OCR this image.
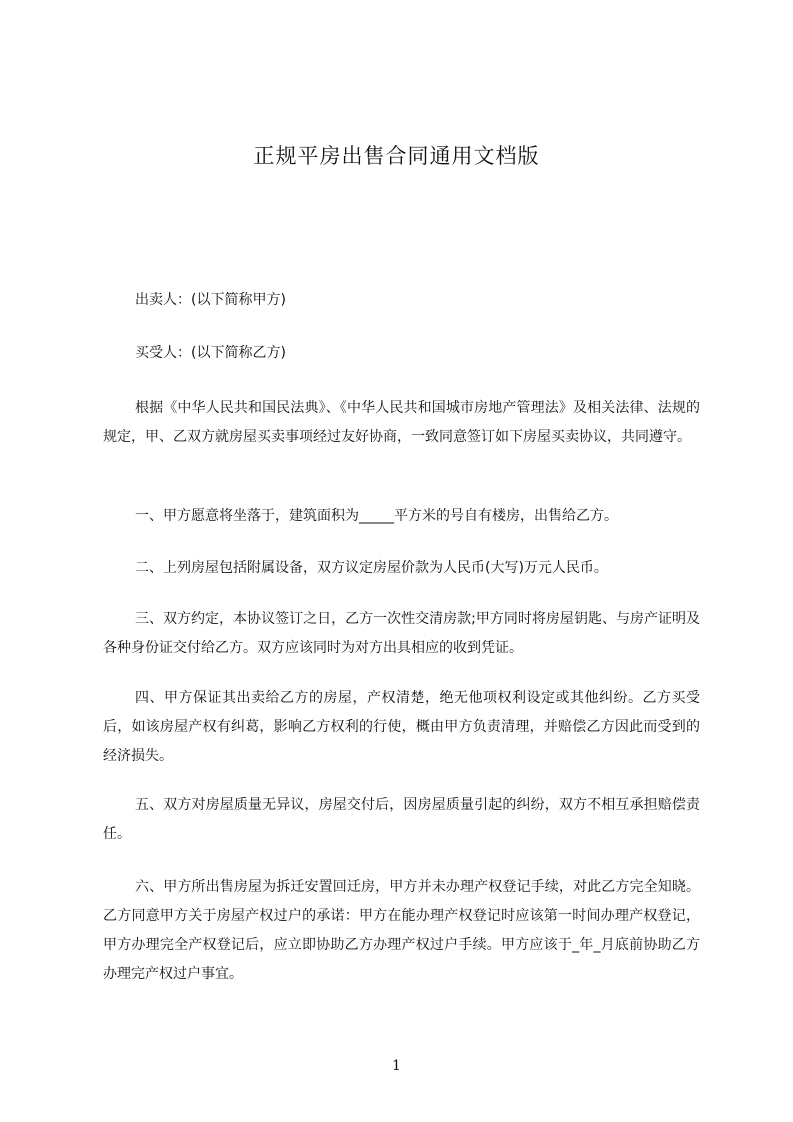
正规平房出售合同通用文档版

出卖人：(以下简称甲方)

买受人：(以下简称乙方)

根据《中华人民共和国民法典》、《中华人民共和国城市房地产管理法》及相关法律、法规的规定，甲、乙双方就房屋买卖事项经过友好协商，一致同意签订如下房屋买卖协议，共同遵守。

一、甲方愿意将坐落于，建筑面积为_____平方米的号自有楼房，出售给乙方。

二、上列房屋包括附属设备，双方议定房屋价款为人民币(大写)万元人民币。

三、双方约定，本协议签订之日，乙方一次性交清房款;甲方同时将房屋钥匙、与房产证明及各种身份证交付给乙方。双方应该同时为对方出具相应的收到凭证。

四、甲方保证其出卖给乙方的房屋，产权清楚，绝无他项权利设定或其他纠纷。乙方买受后，如该房屋产权有纠葛，影响乙方权利的行使，概由甲方负责清理，并赔偿乙方因此而受到的经济损失。

五、双方对房屋质量无异议，房屋交付后，因房屋质量引起的纠纷，双方不相互承担赔偿责任。

六、甲方所出售房屋为拆迁安置回迁房，甲方并未办理产权登记手续，对此乙方完全知晓。乙方同意甲方关于房屋产权过户的承诺：甲方在能办理产权登记时应该第一时间办理产权登记，甲方办理完全产权登记后，应立即协助乙方办理产权过户手续。甲方应该于_年_月底前协助乙方办理完产权过户事宜。

1
